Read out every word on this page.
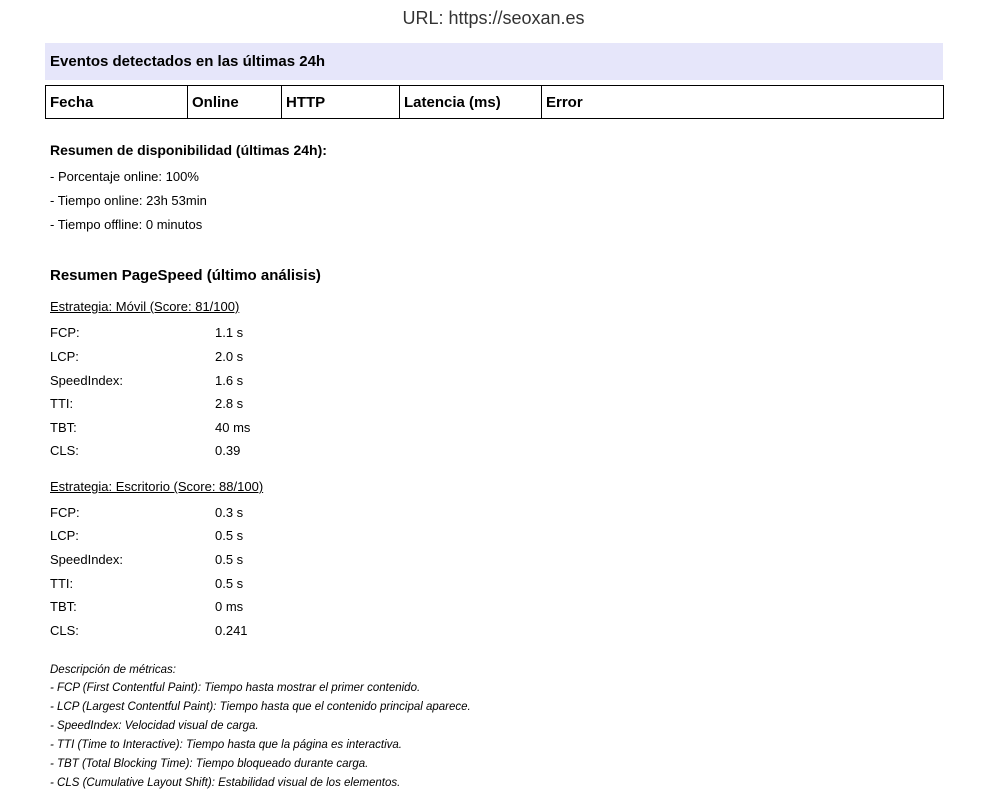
URL: https://seoxan.es
Eventos detectados en las últimas 24h
Fecha	Online	HTTP	Latencia (ms)	Error
Resumen de disponibilidad (últimas 24h):
- Porcentaje online: 100%
- Tiempo online: 23h 53min
- Tiempo offline: 0 minutos
Resumen PageSpeed (último análisis)
Estrategia: Móvil (Score: 81/100)
FCP:	1.1 s
LCP:	2.0 s
SpeedIndex:	1.6 s
TTI:	2.8 s
TBT:	40 ms
CLS:	0.39
Estrategia: Escritorio (Score: 88/100)
FCP:	0.3 s
LCP:	0.5 s
SpeedIndex:	0.5 s
TTI:	0.5 s
TBT:	0 ms
CLS:	0.241
Descripción de métricas:
- FCP (First Contentful Paint): Tiempo hasta mostrar el primer contenido.
- LCP (Largest Contentful Paint): Tiempo hasta que el contenido principal aparece.
- SpeedIndex: Velocidad visual de carga.
- TTI (Time to Interactive): Tiempo hasta que la página es interactiva.
- TBT (Total Blocking Time): Tiempo bloqueado durante carga.
- CLS (Cumulative Layout Shift): Estabilidad visual de los elementos.
